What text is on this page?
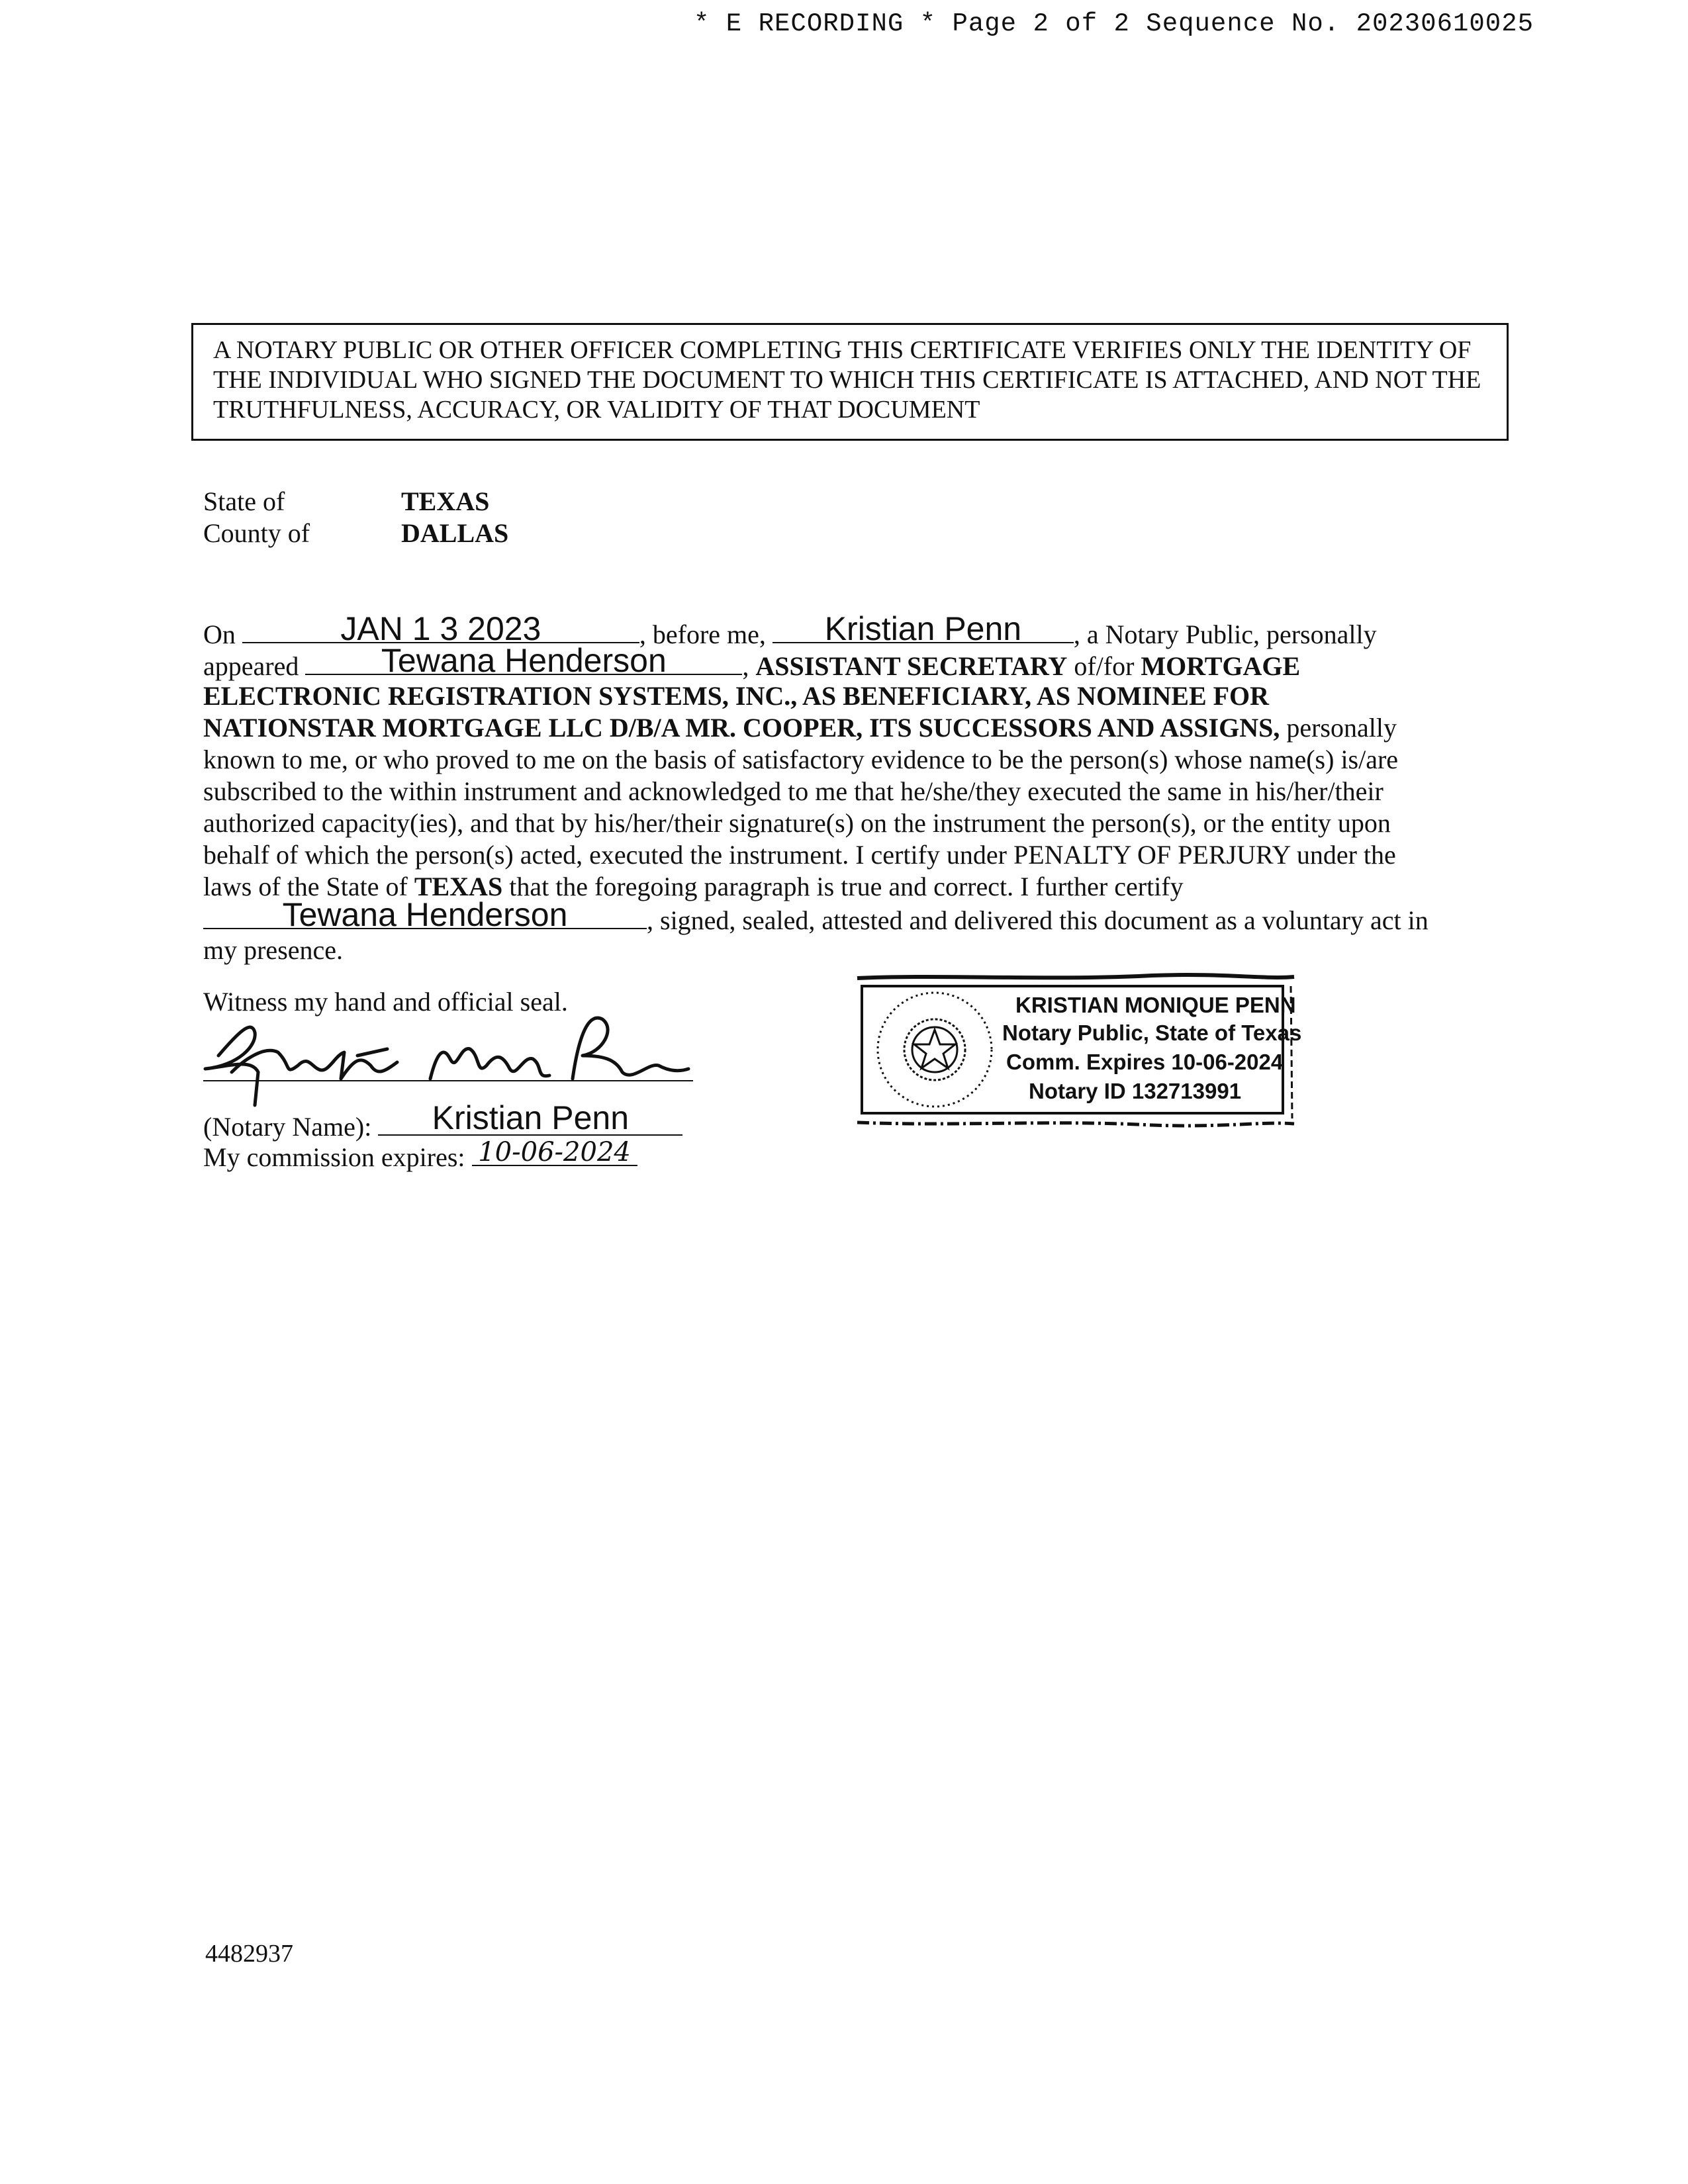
* E RECORDING * Page 2 of 2 Sequence No. 20230610025

A NOTARY PUBLIC OR OTHER OFFICER COMPLETING THIS CERTIFICATE VERIFIES ONLY THE IDENTITY OF
THE INDIVIDUAL WHO SIGNED THE DOCUMENT TO WHICH THIS CERTIFICATE IS ATTACHED, AND NOT THE
TRUTHFULNESS, ACCURACY, OR VALIDITY OF THAT DOCUMENT

State of	TEXAS
County of	DALLAS
On	JAN 1 3 2023	, before me,	Kristian Penn	, a Notary Public, personally
appeared	Tewana Henderson	, ASSISTANT SECRETARY of/for MORTGAGE
ELECTRONIC REGISTRATION SYSTEMS, INC., AS BENEFICIARY, AS NOMINEE FOR
NATIONSTAR MORTGAGE LLC D/B/A MR. COOPER, ITS SUCCESSORS AND ASSIGNS, personally
known to me, or who proved to me on the basis of satisfactory evidence to be the person(s) whose name(s) is/are
subscribed to the within instrument and acknowledged to me that he/she/they executed the same in his/her/their
authorized capacity(ies), and that by his/her/their signature(s) on the instrument the person(s), or the entity upon
behalf of which the person(s) acted, executed the instrument. I certify under PENALTY OF PERJURY under the
laws of the State of TEXAS that the foregoing paragraph is true and correct. I further certify
Tewana Henderson	, signed, sealed, attested and delivered this document as a voluntary act in
my presence.
Witness my hand and official seal.
(Notary Name):	Kristian Penn
My commission expires: 10-06-2024
KRISTIAN MONIQUE PENN
Notary Public, State of Texas
Comm. Expires 10-06-2024
Notary ID 132713991
4482937
